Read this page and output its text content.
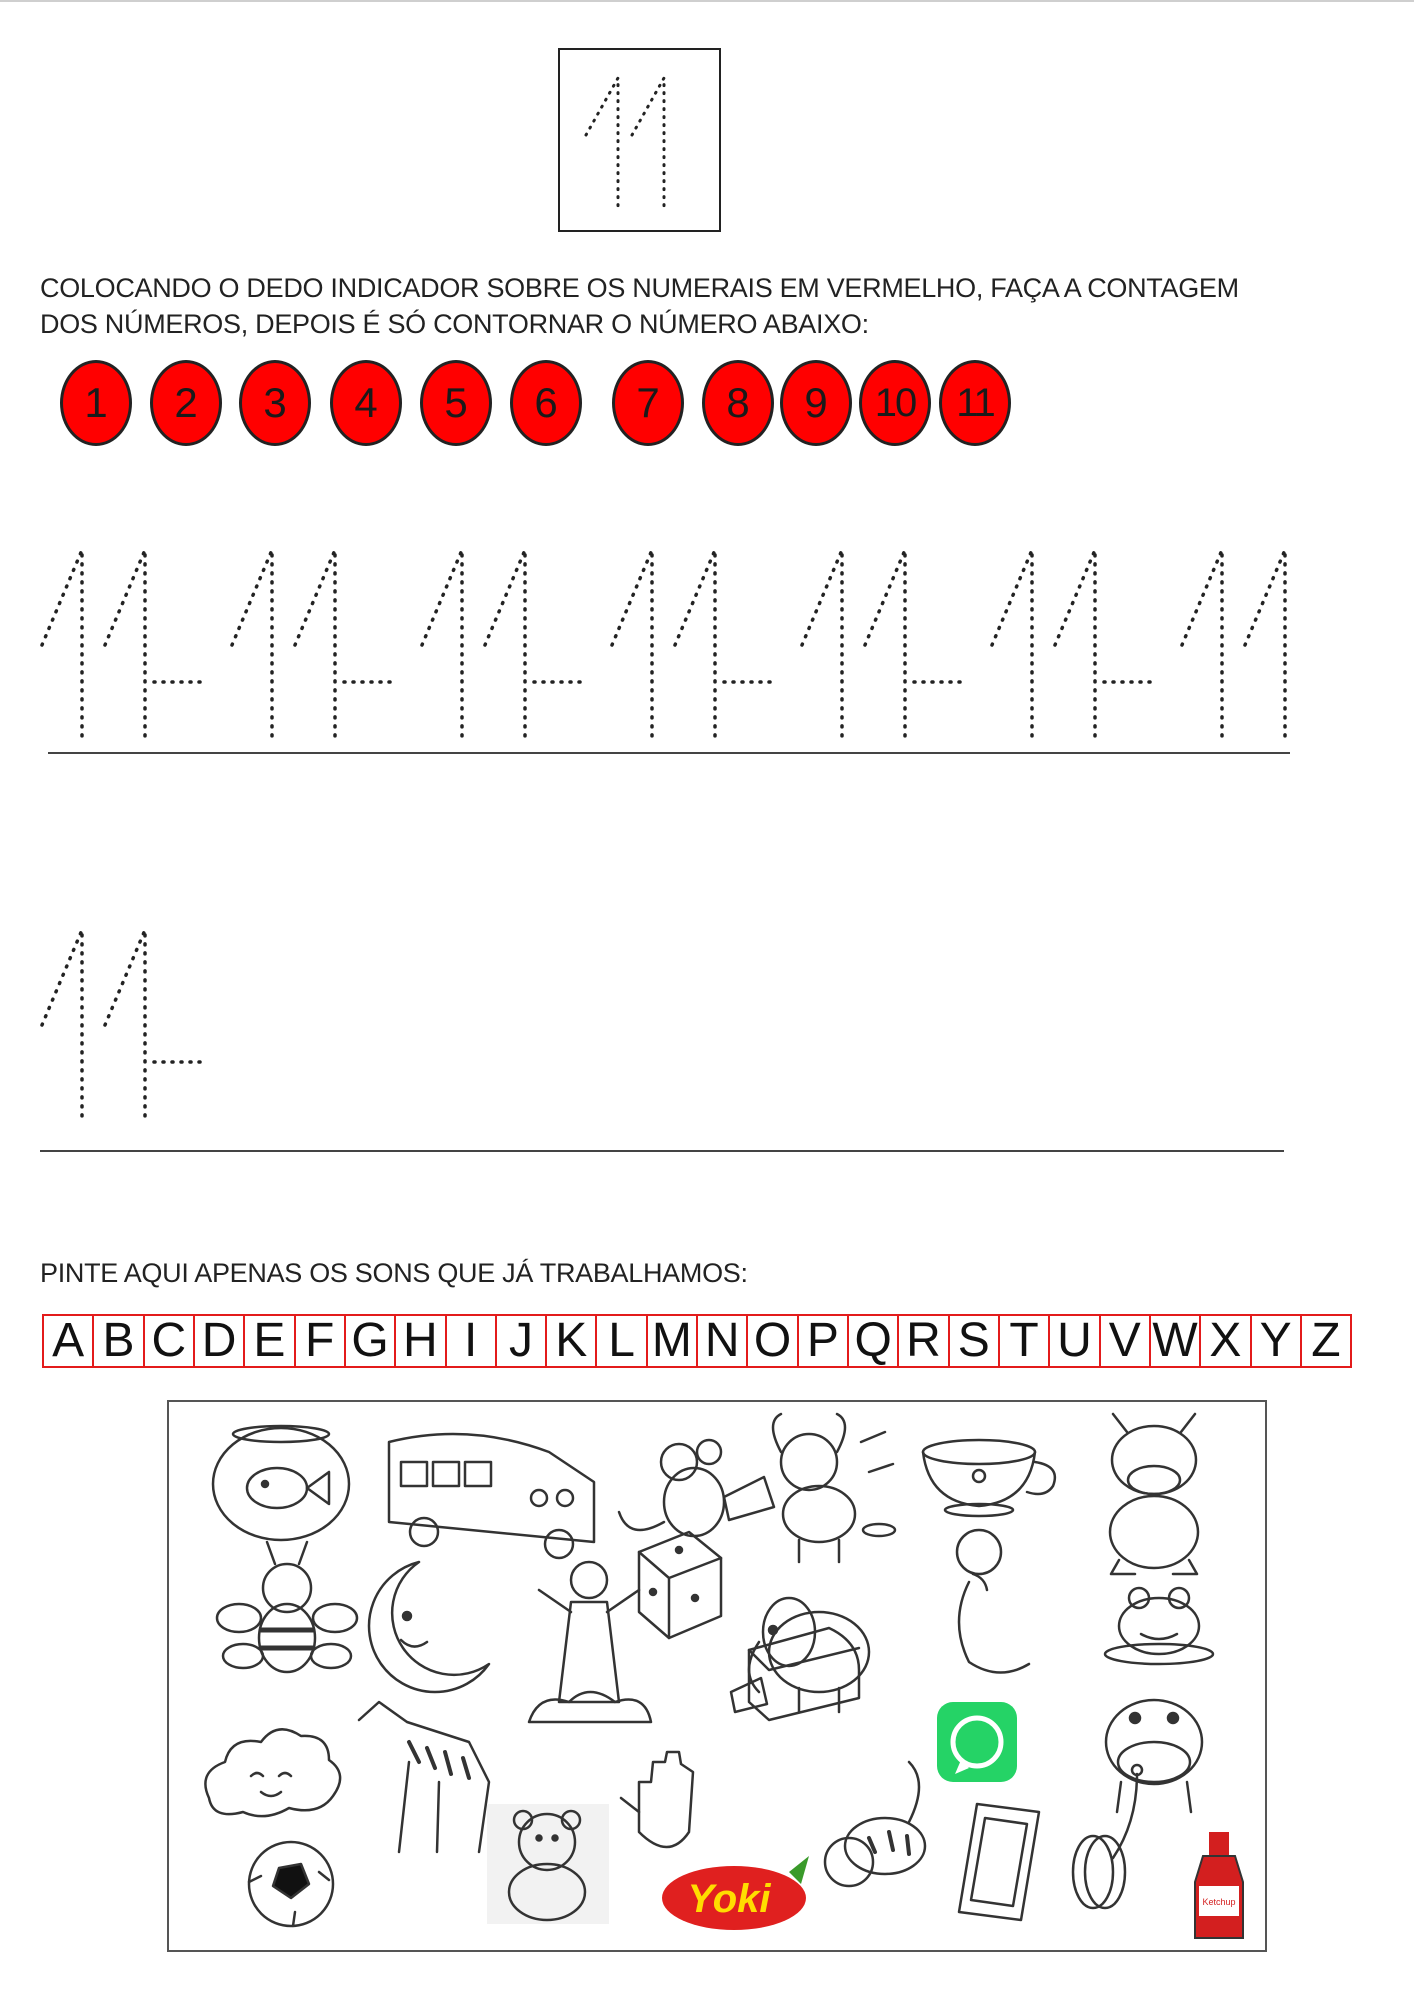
COLOCANDO O DEDO INDICADOR SOBRE OS NUMERAIS EM VERMELHO, FAÇA A CONTAGEM
DOS NÚMEROS, DEPOIS É SÓ CONTORNAR O NÚMERO ABAIXO:
1	2	3	4	5	6	7	8	9	10	11
PINTE AQUI APENAS OS SONS QUE JÁ TRABALHAMOS:
A B C D E F G H I J K L M N O P Q R S T U V W X Y Z
Ketchup
Yoki
